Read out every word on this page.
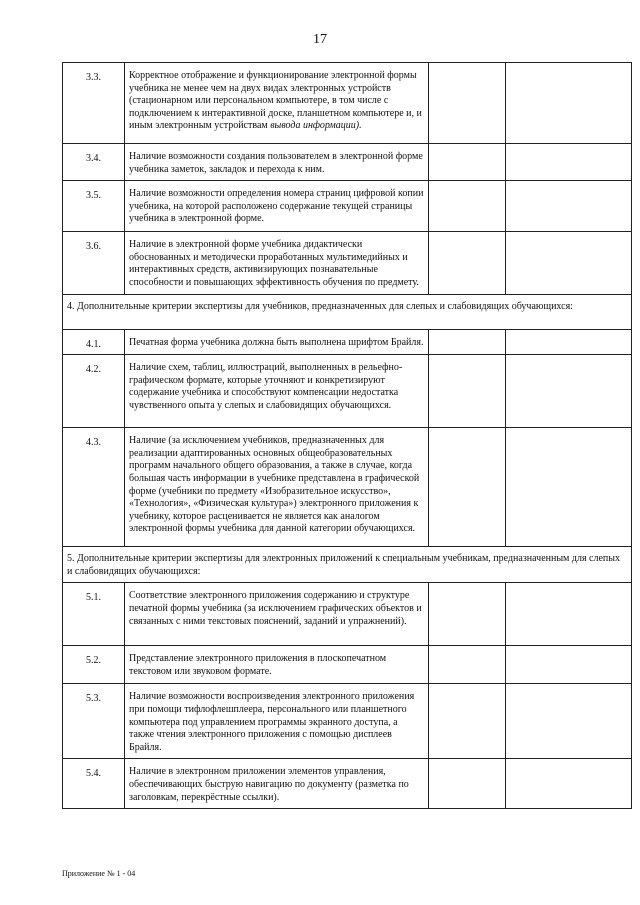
17
3.3.	Корректное отображение и функционирование электронной формы учебника не менее чем на двух видах электронных устройств (стационарном или персональном компьютере, в том числе с подключением к интерактивной доске, планшетном компьютере и, и иным электронным устройствам вывода информации).		
3.4.	Наличие возможности создания пользователем в электронной форме учебника заметок, закладок и перехода к ним.		
3.5.	Наличие возможности определения номера страниц цифровой копии учебника, на которой расположено содержание текущей страницы учебника в электронной форме.		
3.6.	Наличие в электронной форме учебника дидактически обоснованных и методически проработанных мультимедийных и интерактивных средств, активизирующих познавательные способности и повышающих эффективность обучения по предмету.		
4. Дополнительные критерии экспертизы для учебников, предназначенных для слепых и слабовидящих обучающихся:			
4.1.	Печатная форма учебника должна быть выполнена шрифтом Брайля.		
4.2.	Наличие схем, таблиц, иллюстраций, выполненных в рельефно-графическом формате, которые уточняют и конкретизируют содержание учебника и способствуют компенсации недостатка чувственного опыта у слепых и слабовидящих обучающихся.		
4.3.	Наличие (за исключением учебников, предназначенных для реализации адаптированных основных общеобразовательных программ начального общего образования, а также в случае, когда большая часть информации в учебнике представлена в графической форме (учебники по предмету «Изобразительное искусство», «Технология», «Физическая культура») электронного приложения к учебнику, которое расценивается не является как аналогом электронной формы учебника для данной категории обучающихся.		
5. Дополнительные критерии экспертизы для электронных приложений к специальным учебникам, предназначенным для слепых и слабовидящих обучающихся:			
5.1.	Соответствие электронного приложения содержанию и структуре печатной формы учебника (за исключением графических объектов и связанных с ними текстовых пояснений, заданий и упражнений).		
5.2.	Представление электронного приложения в плоскопечатном текстовом или звуковом формате.		
5.3.	Наличие возможности воспроизведения электронного приложения при помощи тифлофлешплеера, персонального или планшетного компьютера под управлением программы экранного доступа, а также чтения электронного приложения с помощью дисплеев Брайля.		
5.4.	Наличие в электронном приложении элементов управления, обеспечивающих быструю навигацию по документу (разметка по заголовкам, перекрёстные ссылки).		
Приложение № 1 - 04
